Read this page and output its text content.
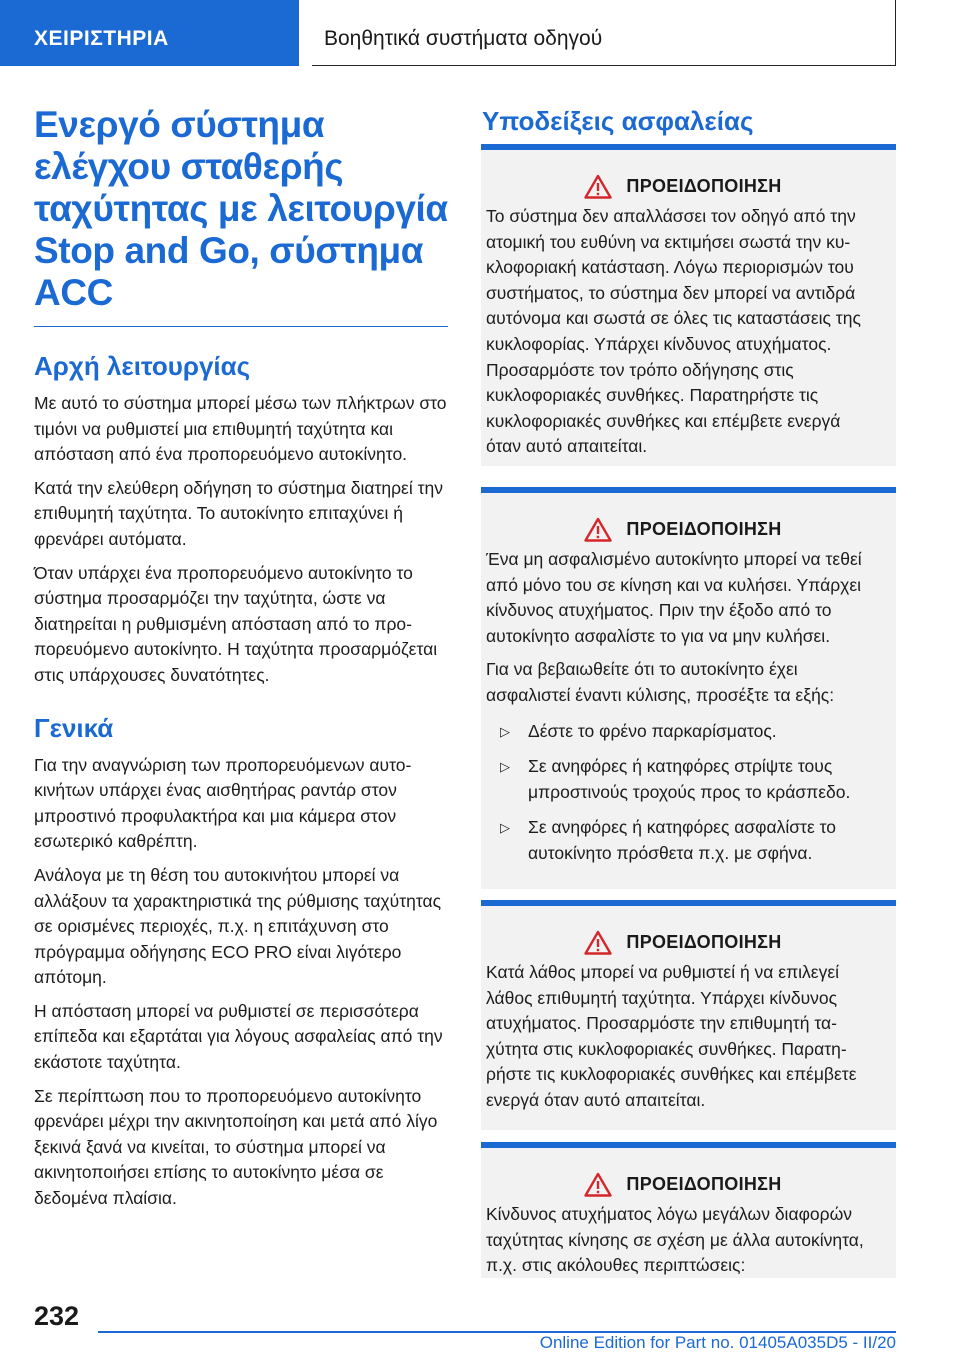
ΧΕΙΡΙΣΤΗΡΙΑ	Βοηθητικά συστήματα οδηγού
Ενεργό σύστημα ελέγχου σταθερής ταχύτητας με λειτουργία Stop and Go, σύστημα ACC
Αρχή λειτουργίας

Με αυτό το σύστημα μπορεί μέσω των πλήκτρων στο τιμόνι να ρυθμιστεί μια επιθυμητή ταχύτητα και απόσταση από ένα προπορευόμενο αυτοκίνητο.

Κατά την ελεύθερη οδήγηση το σύστημα διατηρεί την επιθυμητή ταχύτητα. Το αυτοκίνητο επιταχύνει ή φρενάρει αυτόματα.

Όταν υπάρχει ένα προπορευόμενο αυτοκίνητο το σύστημα προσαρμόζει την ταχύτητα, ώστε να διατηρείται η ρυθμισμένη απόσταση από το προπορευόμενο αυτοκίνητο. Η ταχύτητα προσαρμόζεται στις υπάρχουσες δυνατότητες.

Γενικά

Για την αναγνώριση των προπορευόμενων αυτοκινήτων υπάρχει ένας αισθητήρας ραντάρ στον μπροστινό προφυλακτήρα και μια κάμερα στον εσωτερικό καθρέπτη.

Ανάλογα με τη θέση του αυτοκινήτου μπορεί να αλλάξουν τα χαρακτηριστικά της ρύθμισης ταχύτητας σε ορισμένες περιοχές, π.χ. η επιτάχυνση στο πρόγραμμα οδήγησης ECO PRO είναι λιγότερο απότομη.

Η απόσταση μπορεί να ρυθμιστεί σε περισσότερα επίπεδα και εξαρτάται για λόγους ασφαλείας από την εκάστοτε ταχύτητα.

Σε περίπτωση που το προπορευόμενο αυτοκίνητο φρενάρει μέχρι την ακινητοποίηση και μετά από λίγο ξεκινά ξανά να κινείται, το σύστημα μπορεί να ακινητοποιήσει επίσης το αυτοκίνητο μέσα σε δεδομένα πλαίσια.

Υποδείξεις ασφαλείας
ΠΡΟΕΙΔΟΠΟΙΗΣΗ

Το σύστημα δεν απαλλάσσει τον οδηγό από την ατομική του ευθύνη να εκτιμήσει σωστά την κυκλοφοριακή κατάσταση. Λόγω περιορισμών του συστήματος, το σύστημα δεν μπορεί να αντιδρά αυτόνομα και σωστά σε όλες τις καταστάσεις της κυκλοφορίας. Υπάρχει κίνδυνος ατυχήματος. Προσαρμόστε τον τρόπο οδήγησης στις κυκλοφοριακές συνθήκες. Παρατηρήστε τις κυκλοφοριακές συνθήκες και επέμβετε ενεργά όταν αυτό απαιτείται.

ΠΡΟΕΙΔΟΠΟΙΗΣΗ

Ένα μη ασφαλισμένο αυτοκίνητο μπορεί να τεθεί από μόνο του σε κίνηση και να κυλήσει. Υπάρχει κίνδυνος ατυχήματος. Πριν την έξοδο από το αυτοκίνητο ασφαλίστε το για να μην κυλήσει.

Για να βεβαιωθείτε ότι το αυτοκίνητο έχει ασφαλιστεί έναντι κύλισης, προσέξτε τα εξής:

▷ Δέστε το φρένο παρκαρίσματος.
▷ Σε ανηφόρες ή κατηφόρες στρίψτε τους μπροστινούς τροχούς προς το κράσπεδο.
▷ Σε ανηφόρες ή κατηφόρες ασφαλίστε το αυτοκίνητο πρόσθετα π.χ. με σφήνα.
ΠΡΟΕΙΔΟΠΟΙΗΣΗ

Κατά λάθος μπορεί να ρυθμιστεί ή να επιλεγεί λάθος επιθυμητή ταχύτητα. Υπάρχει κίνδυνος ατυχήματος. Προσαρμόστε την επιθυμητή ταχύτητα στις κυκλοφοριακές συνθήκες. Παρατηρήστε τις κυκλοφοριακές συνθήκες και επέμβετε ενεργά όταν αυτό απαιτείται.

ΠΡΟΕΙΔΟΠΟΙΗΣΗ

Κίνδυνος ατυχήματος λόγω μεγάλων διαφορών ταχύτητας κίνησης σε σχέση με άλλα αυτοκίνητα, π.χ. στις ακόλουθες περιπτώσεις:

232
Online Edition for Part no. 01405A035D5 - II/20
